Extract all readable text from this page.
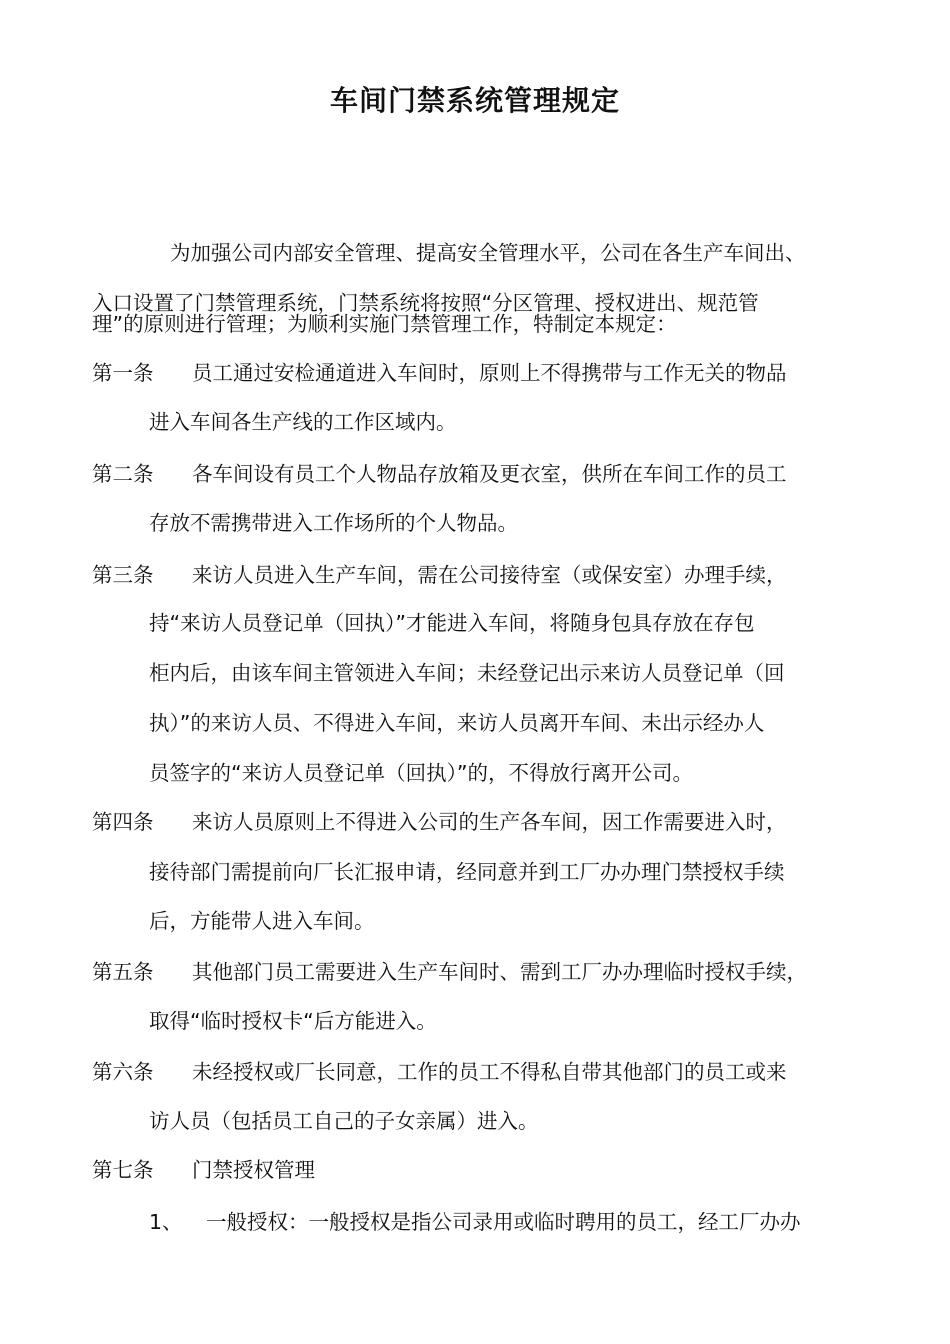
车间门禁系统管理规定
为加强公司内部安全管理、提高安全管理水平，公司在各生产车间出、
入口设置了门禁管理系统，门禁系统将按照“分区管理、授权进出、规范管
理”的原则进行管理；为顺利实施门禁管理工作，特制定本规定：
第一条 员工通过安检通道进入车间时，原则上不得携带与工作无关的物品
进入车间各生产线的工作区域内。
第二条 各车间设有员工个人物品存放箱及更衣室，供所在车间工作的员工
存放不需携带进入工作场所的个人物品。
第三条 来访人员进入生产车间，需在公司接待室（或保安室）办理手续，
持“来访人员登记单（回执）”才能进入车间，将随身包具存放在存包
柜内后，由该车间主管领进入车间；未经登记出示来访人员登记单（回
执）”的来访人员、不得进入车间，来访人员离开车间、未出示经办人
员签字的“来访人员登记单（回执）”的，不得放行离开公司。
第四条 来访人员原则上不得进入公司的生产各车间，因工作需要进入时，
接待部门需提前向厂长汇报申请，经同意并到工厂办办理门禁授权手续
后，方能带人进入车间。
第五条 其他部门员工需要进入生产车间时、需到工厂办办理临时授权手续，
取得“临时授权卡“后方能进入。
第六条 未经授权或厂长同意，工作的员工不得私自带其他部门的员工或来
访人员（包括员工自己的子女亲属）进入。
第七条 门禁授权管理
1、 一般授权：一般授权是指公司录用或临时聘用的员工，经工厂办办
